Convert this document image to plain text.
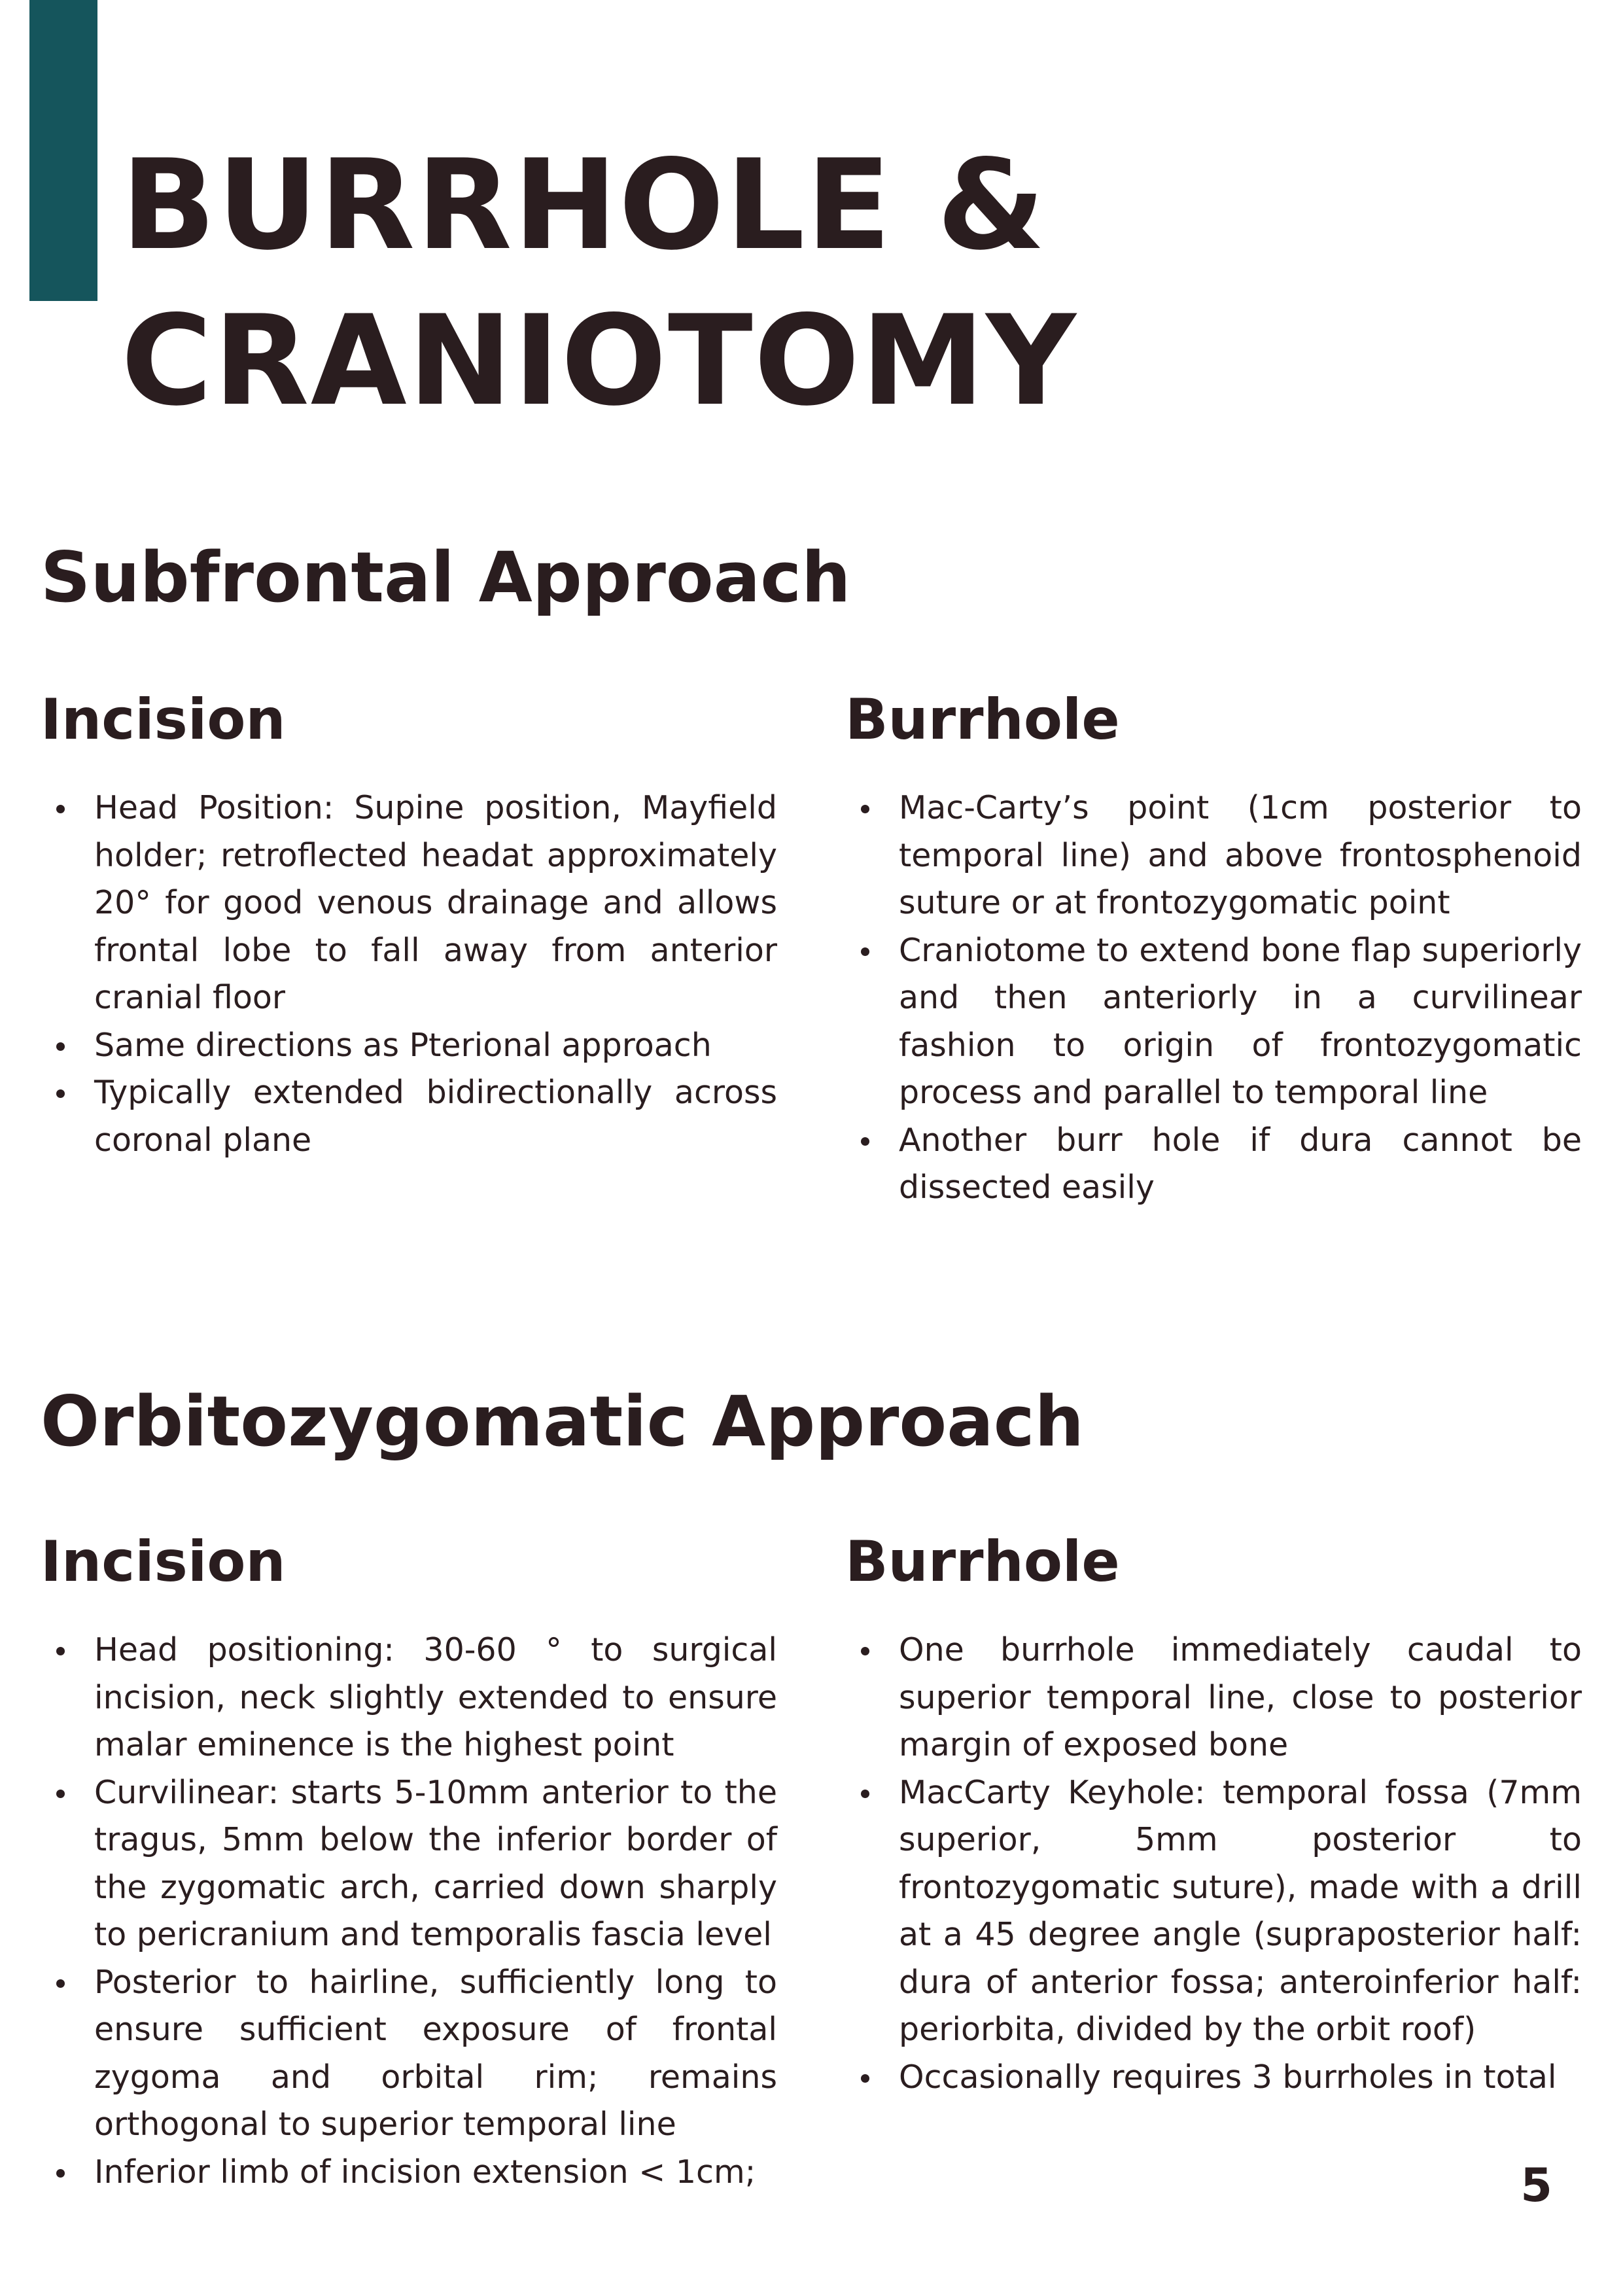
BURRHOLE &
CRANIOTOMY
Subfrontal Approach
Incision
Head Position: Supine position, Mayfield holder; retroflected headat approximately 20° for good venous drainage and allows frontal lobe to fall away from anterior cranial floor
Same directions as Pterional approach
Typically extended bidirectionally across coronal plane
Burrhole
Mac-Carty’s point (1cm posterior to temporal line) and above frontosphenoid suture or at frontozygomatic point
Craniotome to extend bone flap superiorly and then anteriorly in a curvilinear fashion to origin of frontozygomatic process and parallel to temporal line
Another burr hole if dura cannot be dissected easily
Orbitozygomatic Approach
Incision
Head positioning: 30-60 ° to surgical incision, neck slightly extended to ensure malar eminence is the highest point
Curvilinear: starts 5-10mm anterior to the tragus, 5mm below the inferior border of the zygomatic arch, carried down sharply to pericranium and temporalis fascia level
Posterior to hairline, sufficiently long to ensure sufficient exposure of frontal zygoma and orbital rim; remains orthogonal to superior temporal line
Inferior limb of incision extension < 1cm;
Burrhole
One burrhole immediately caudal to superior temporal line, close to posterior margin of exposed bone
MacCarty Keyhole: temporal fossa (7mm superior, 5mm posterior to frontozygomatic suture), made with a drill at a 45 degree angle (supraposterior half: dura of anterior fossa; anteroinferior half: periorbita, divided by the orbit roof)
Occasionally requires 3 burrholes in total
5
